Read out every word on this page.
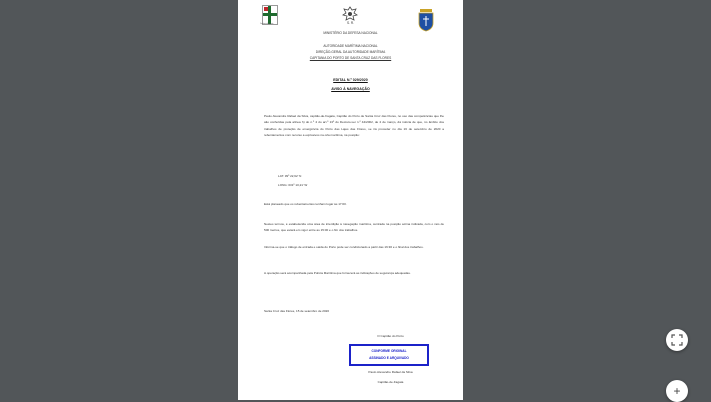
Capitania do Porto	S. R.
MINISTÉRIO DA DEFESA NACIONAL
AUTORIDADE MARÍTIMA NACIONAL
DIREÇÃO-GERAL DA AUTORIDADE MARÍTIMA
CAPITANIA DO PORTO DE SANTA CRUZ DAS FLORES
EDITAL N.º 029/2020
AVISO À NAVEGAÇÃO
Paulo Alexandre Rafael da Silva, capitão-de-fragata, Capitão do Porto de Santa Cruz das Flores, no uso das competências que lhe são conferidas pela alínea h) do n.º 4 do art.º 13º do Decreto-Lei n.º 44/2002, de 2 de março, dá notícia de que, no âmbito dos trabalhos de proteção de emergência do Porto das Lajes das Flores, se irá proceder no dia 16 de setembro de 2020 a rebentamentos com recurso a explosivos na orla marítima, na posição:
LAT: 39º 22,62' N
LONG: 031º 10,21' W
Está planeado que os rebentamentos tenham lugar às 17:00.
Nestes termos, é estabelecida uma área de interdição à navegação marítima, centrada na posição acima indicada, com o raio de 500 metros, que estará em vigor entre as 15:00 e o fim dos trabalhos.
Informa-se que o tráfego de entrada e saída do Porto pode ser condicionado a partir das 16:30 e o final dos trabalhos.
A operação será acompanhada pela Polícia Marítima que fornecerá as indicações de segurança adequadas.
Santa Cruz das Flores, 15 de setembro de 2020
O Capitão do Porto
CONFORME ORIGINAL
ASSINADO E ARQUIVADO
Paulo Alexandre Rafael da Silva
Capitão-de-fragata
+
